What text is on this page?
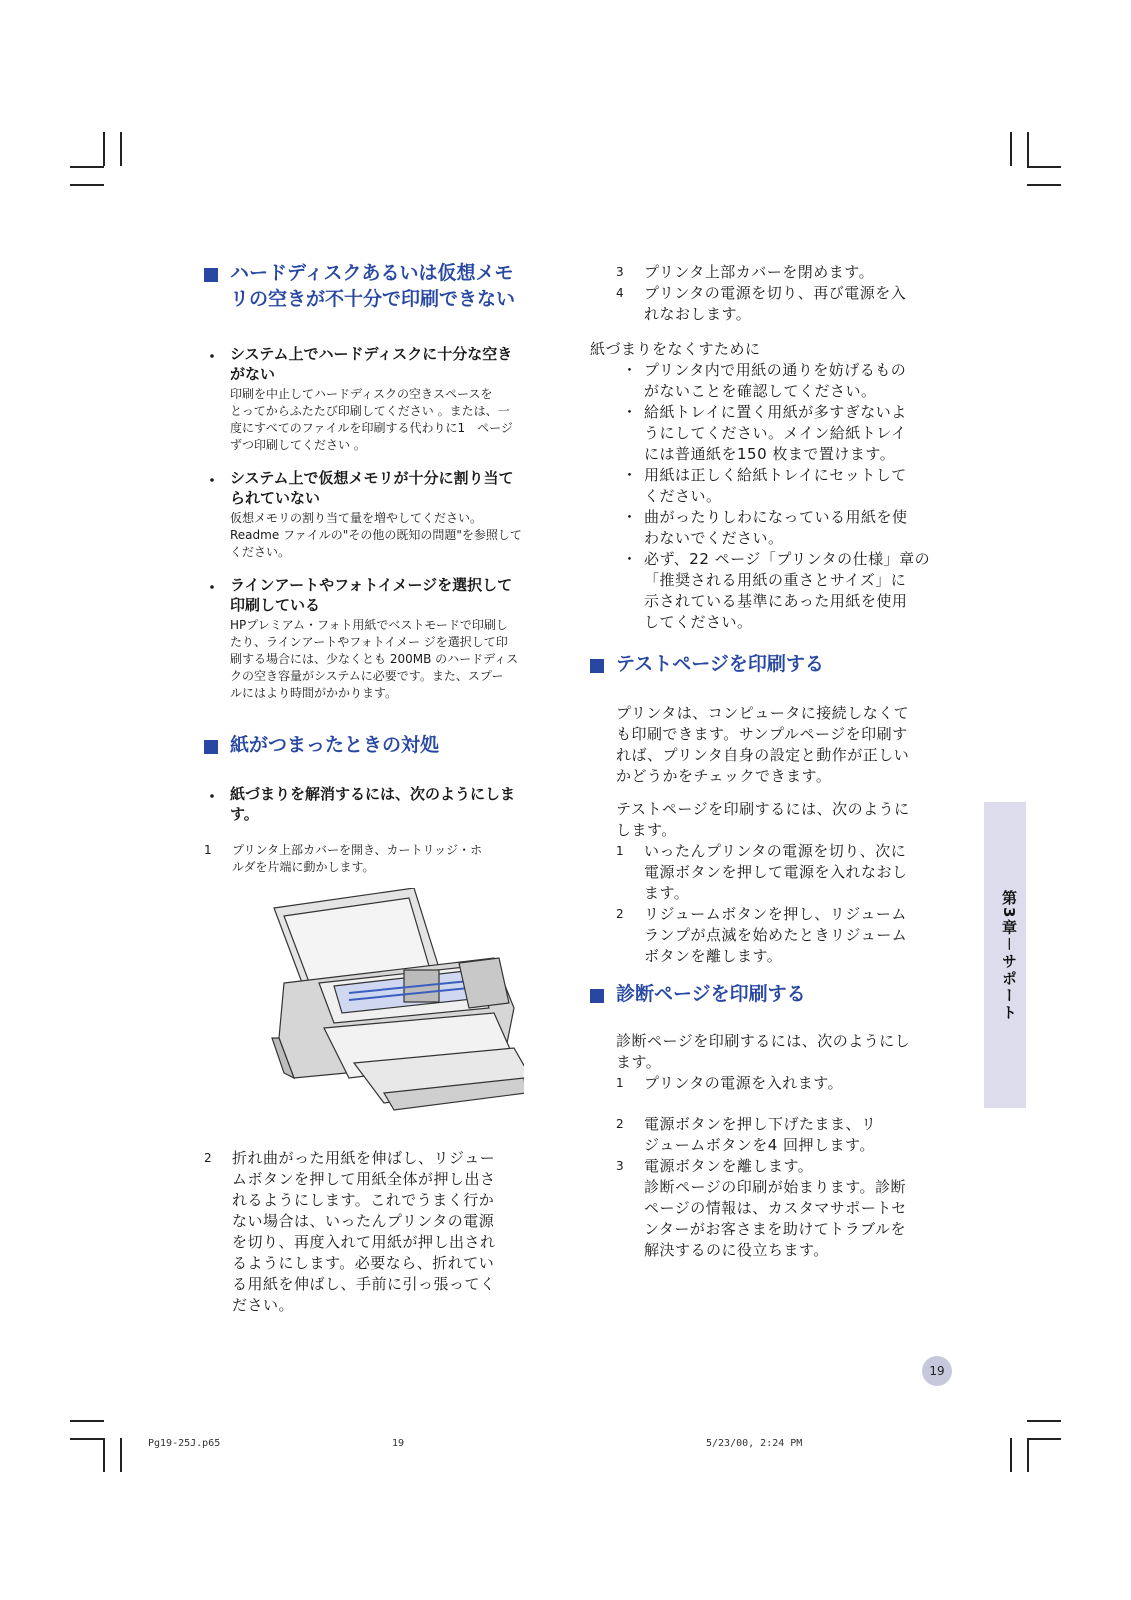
ハードディスクあるいは仮想メモ
リの空きが不十分で印刷できない
・ システム上でハードディスクに十分な空き
がない
印刷を中止してハードディスクの空きスペースを
とってからふたたび印刷してください 。または、一
度にすべてのファイルを印刷する代わりに1　ページ
ずつ印刷してください 。
・ システム上で仮想メモリが十分に割り当て
られていない
仮想メモリの割り当て量を増やしてください。
Readme ファイルの"その他の既知の問題"を参照して
ください。
・ ラインアートやフォトイメージを選択して
印刷している
HPプレミアム・フォト用紙でベストモードで印刷し
たり、ラインアートやフォトイメー ジを選択して印
刷する場合には、少なくとも 200MB のハードディス
クの空き容量がシステムに必要です。また、スプー
ルにはより時間がかかります。
紙がつまったときの対処
・ 紙づまりを解消するには、次のようにしま
す。
1 プリンタ上部カバーを開き、カートリッジ・ホ
ルダを片端に動かします。
2 折れ曲がった用紙を伸ばし、リジュー
ムボタンを押して用紙全体が押し出さ
れるようにします。これでうまく行か
ない場合は、いったんプリンタの電源
を切り、再度入れて用紙が押し出され
るようにします。必要なら、折れてい
る用紙を伸ばし、手前に引っ張ってく
ださい。
3 プリンタ上部カバーを閉めます。
4 プリンタの電源を切り、再び電源を入
れなおします。
紙づまりをなくすために
・ プリンタ内で用紙の通りを妨げるもの
がないことを確認してください。
・ 給紙トレイに置く用紙が多すぎないよ
うにしてください。メイン給紙トレイ
には普通紙を150 枚まで置けます。
・ 用紙は正しく給紙トレイにセットして
ください。
・ 曲がったりしわになっている用紙を使
わないでください。
・ 必ず、22 ページ「プリンタの仕様」章の
「推奨される用紙の重さとサイズ」に
示されている基準にあった用紙を使用
してください。
テストページを印刷する
プリンタは、コンピュータに接続しなくて
も印刷できます。サンプルページを印刷す
れば、プリンタ自身の設定と動作が正しい
かどうかをチェックできます。
テストページを印刷するには、次のように
します。
1 いったんプリンタの電源を切り、次に
電源ボタンを押して電源を入れなおし
ます。
2 リジュームボタンを押し、リジューム
ランプが点滅を始めたときリジューム
ボタンを離します。
診断ページを印刷する
診断ページを印刷するには、次のようにし
ます。
1 プリンタの電源を入れます。
2 電源ボタンを押し下げたまま、リ
ジュームボタンを4 回押します。
3 電源ボタンを離します。
診断ページの印刷が始まります。診断
ページの情報は、カスタマサポートセ
ンターがお客さまを助けてトラブルを
解決するのに役立ちます。
第3章－サポート
19
Pg19-25J.p65	19	5/23/00, 2:24 PM
